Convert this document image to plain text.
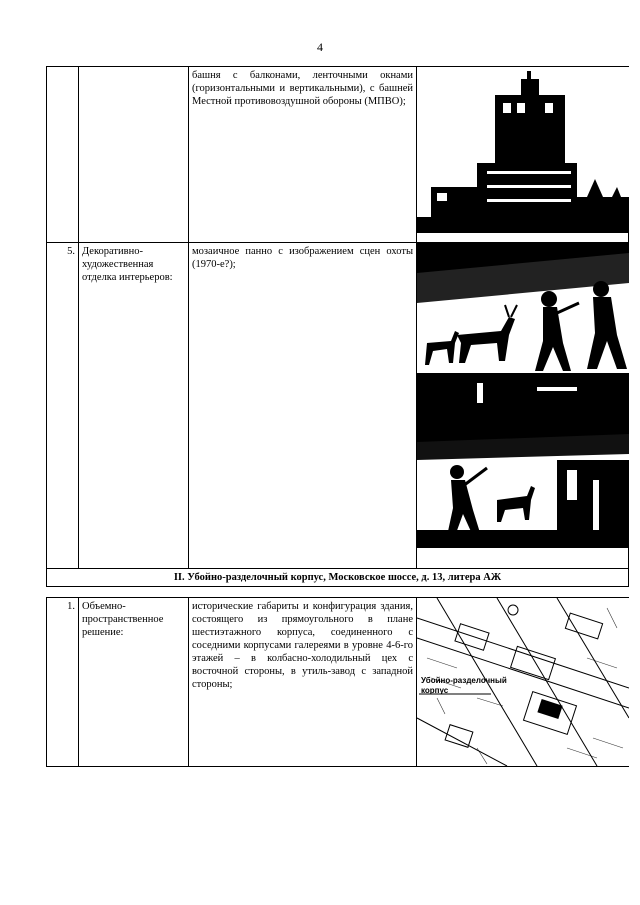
4
		башня с балконами, ленточными окнами (горизонтальными и вертикальными), с башней Местной противовоздушной обороны (МПВО);	

5.	Декоративно-художественная отделка интерьеров:	мозаичное панно с изображением сцен охоты (1970-е?);	

II. Убойно-разделочный корпус, Московское шоссе, д. 13, литера АЖ			

1.	Объемно-пространственное решение:	исторические габариты и конфигурация здания, состоящего из прямоугольного в плане шестиэтажного корпуса, соединенного с соседними корпусами галереями в уровне 4-6-го этажей – в колбасно-холодильный цех с восточной стороны, в утиль-завод с западной стороны;	Убойно-разделочный корпус
